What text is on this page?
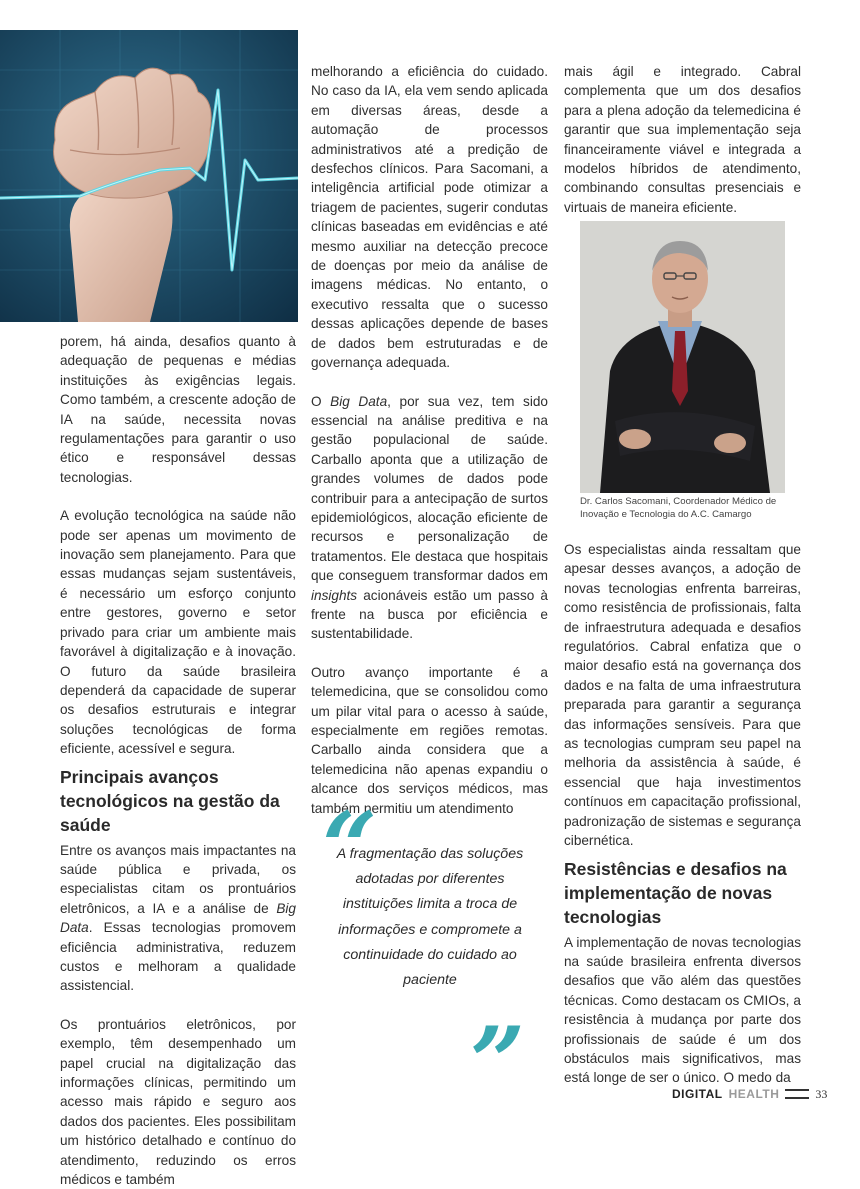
porem, há ainda, desafios quanto à adequação de pequenas e médias instituições às exigências legais. Como também, a crescente adoção de IA na saúde, necessita novas regulamentações para garantir o uso ético e responsável dessas tecnologias.

A evolução tecnológica na saúde não pode ser apenas um movimento de inovação sem planejamento. Para que essas mudanças sejam sustentáveis, é necessário um esforço conjunto entre gestores, governo e setor privado para criar um ambiente mais favorável à digitalização e à inovação. O futuro da saúde brasileira dependerá da capacidade de superar os desafios estruturais e integrar soluções tecnológicas de forma eficiente, acessível e segura.

Principais avanços tecnológicos na gestão da saúde

Entre os avanços mais impactantes na saúde pública e privada, os especialistas citam os prontuários eletrônicos, a IA e a análise de Big Data. Essas tecnologias promovem eficiência administrativa, reduzem custos e melhoram a qualidade assistencial.

Os prontuários eletrônicos, por exemplo, têm desempenhado um papel crucial na digitalização das informações clínicas, permitindo um acesso mais rápido e seguro aos dados dos pacientes. Eles possibilitam um histórico detalhado e contínuo do atendimento, reduzindo os erros médicos e também

melhorando a eficiência do cuidado. No caso da IA, ela vem sendo aplicada em diversas áreas, desde a automação de processos administrativos até a predição de desfechos clínicos. Para Sacomani, a inteligência artificial pode otimizar a triagem de pacientes, sugerir condutas clínicas baseadas em evidências e até mesmo auxiliar na detecção precoce de doenças por meio da análise de imagens médicas. No entanto, o executivo ressalta que o sucesso dessas aplicações depende de bases de dados bem estruturadas e de governança adequada.

O Big Data, por sua vez, tem sido essencial na análise preditiva e na gestão populacional de saúde. Carballo aponta que a utilização de grandes volumes de dados pode contribuir para a antecipação de surtos epidemiológicos, alocação eficiente de recursos e personalização de tratamentos. Ele destaca que hospitais que conseguem transformar dados em insights acionáveis estão um passo à frente na busca por eficiência e sustentabilidade.

Outro avanço importante é a telemedicina, que se consolidou como um pilar vital para o acesso à saúde, especialmente em regiões remotas. Carballo ainda considera que a telemedicina não apenas expandiu o alcance dos serviços médicos, mas também permitiu um atendimento

“
A fragmentação das soluções adotadas por diferentes instituições limita a troca de informações e compromete a continuidade do cuidado ao paciente
”

mais ágil e integrado. Cabral complementa que um dos desafios para a plena adoção da telemedicina é garantir que sua implementação seja financeiramente viável e integrada a modelos híbridos de atendimento, combinando consultas presenciais e virtuais de maneira eficiente.

Dr. Carlos Sacomani, Coordenador Médico de Inovação e Tecnologia do A.C. Camargo

Os especialistas ainda ressaltam que apesar desses avanços, a adoção de novas tecnologias enfrenta barreiras, como resistência de profissionais, falta de infraestrutura adequada e desafios regulatórios. Cabral enfatiza que o maior desafio está na governança dos dados e na falta de uma infraestrutura preparada para garantir a segurança das informações sensíveis. Para que as tecnologias cumpram seu papel na melhoria da assistência à saúde, é essencial que haja investimentos contínuos em capacitação profissional, padronização de sistemas e segurança cibernética.

Resistências e desafios na implementação de novas tecnologias

A implementação de novas tecnologias na saúde brasileira enfrenta diversos desafios que vão além das questões técnicas. Como destacam os CMIOs, a resistência à mudança por parte dos profissionais de saúde é um dos obstáculos mais significativos, mas está longe de ser o único. O medo da

DIGITAL HEALTH	33
